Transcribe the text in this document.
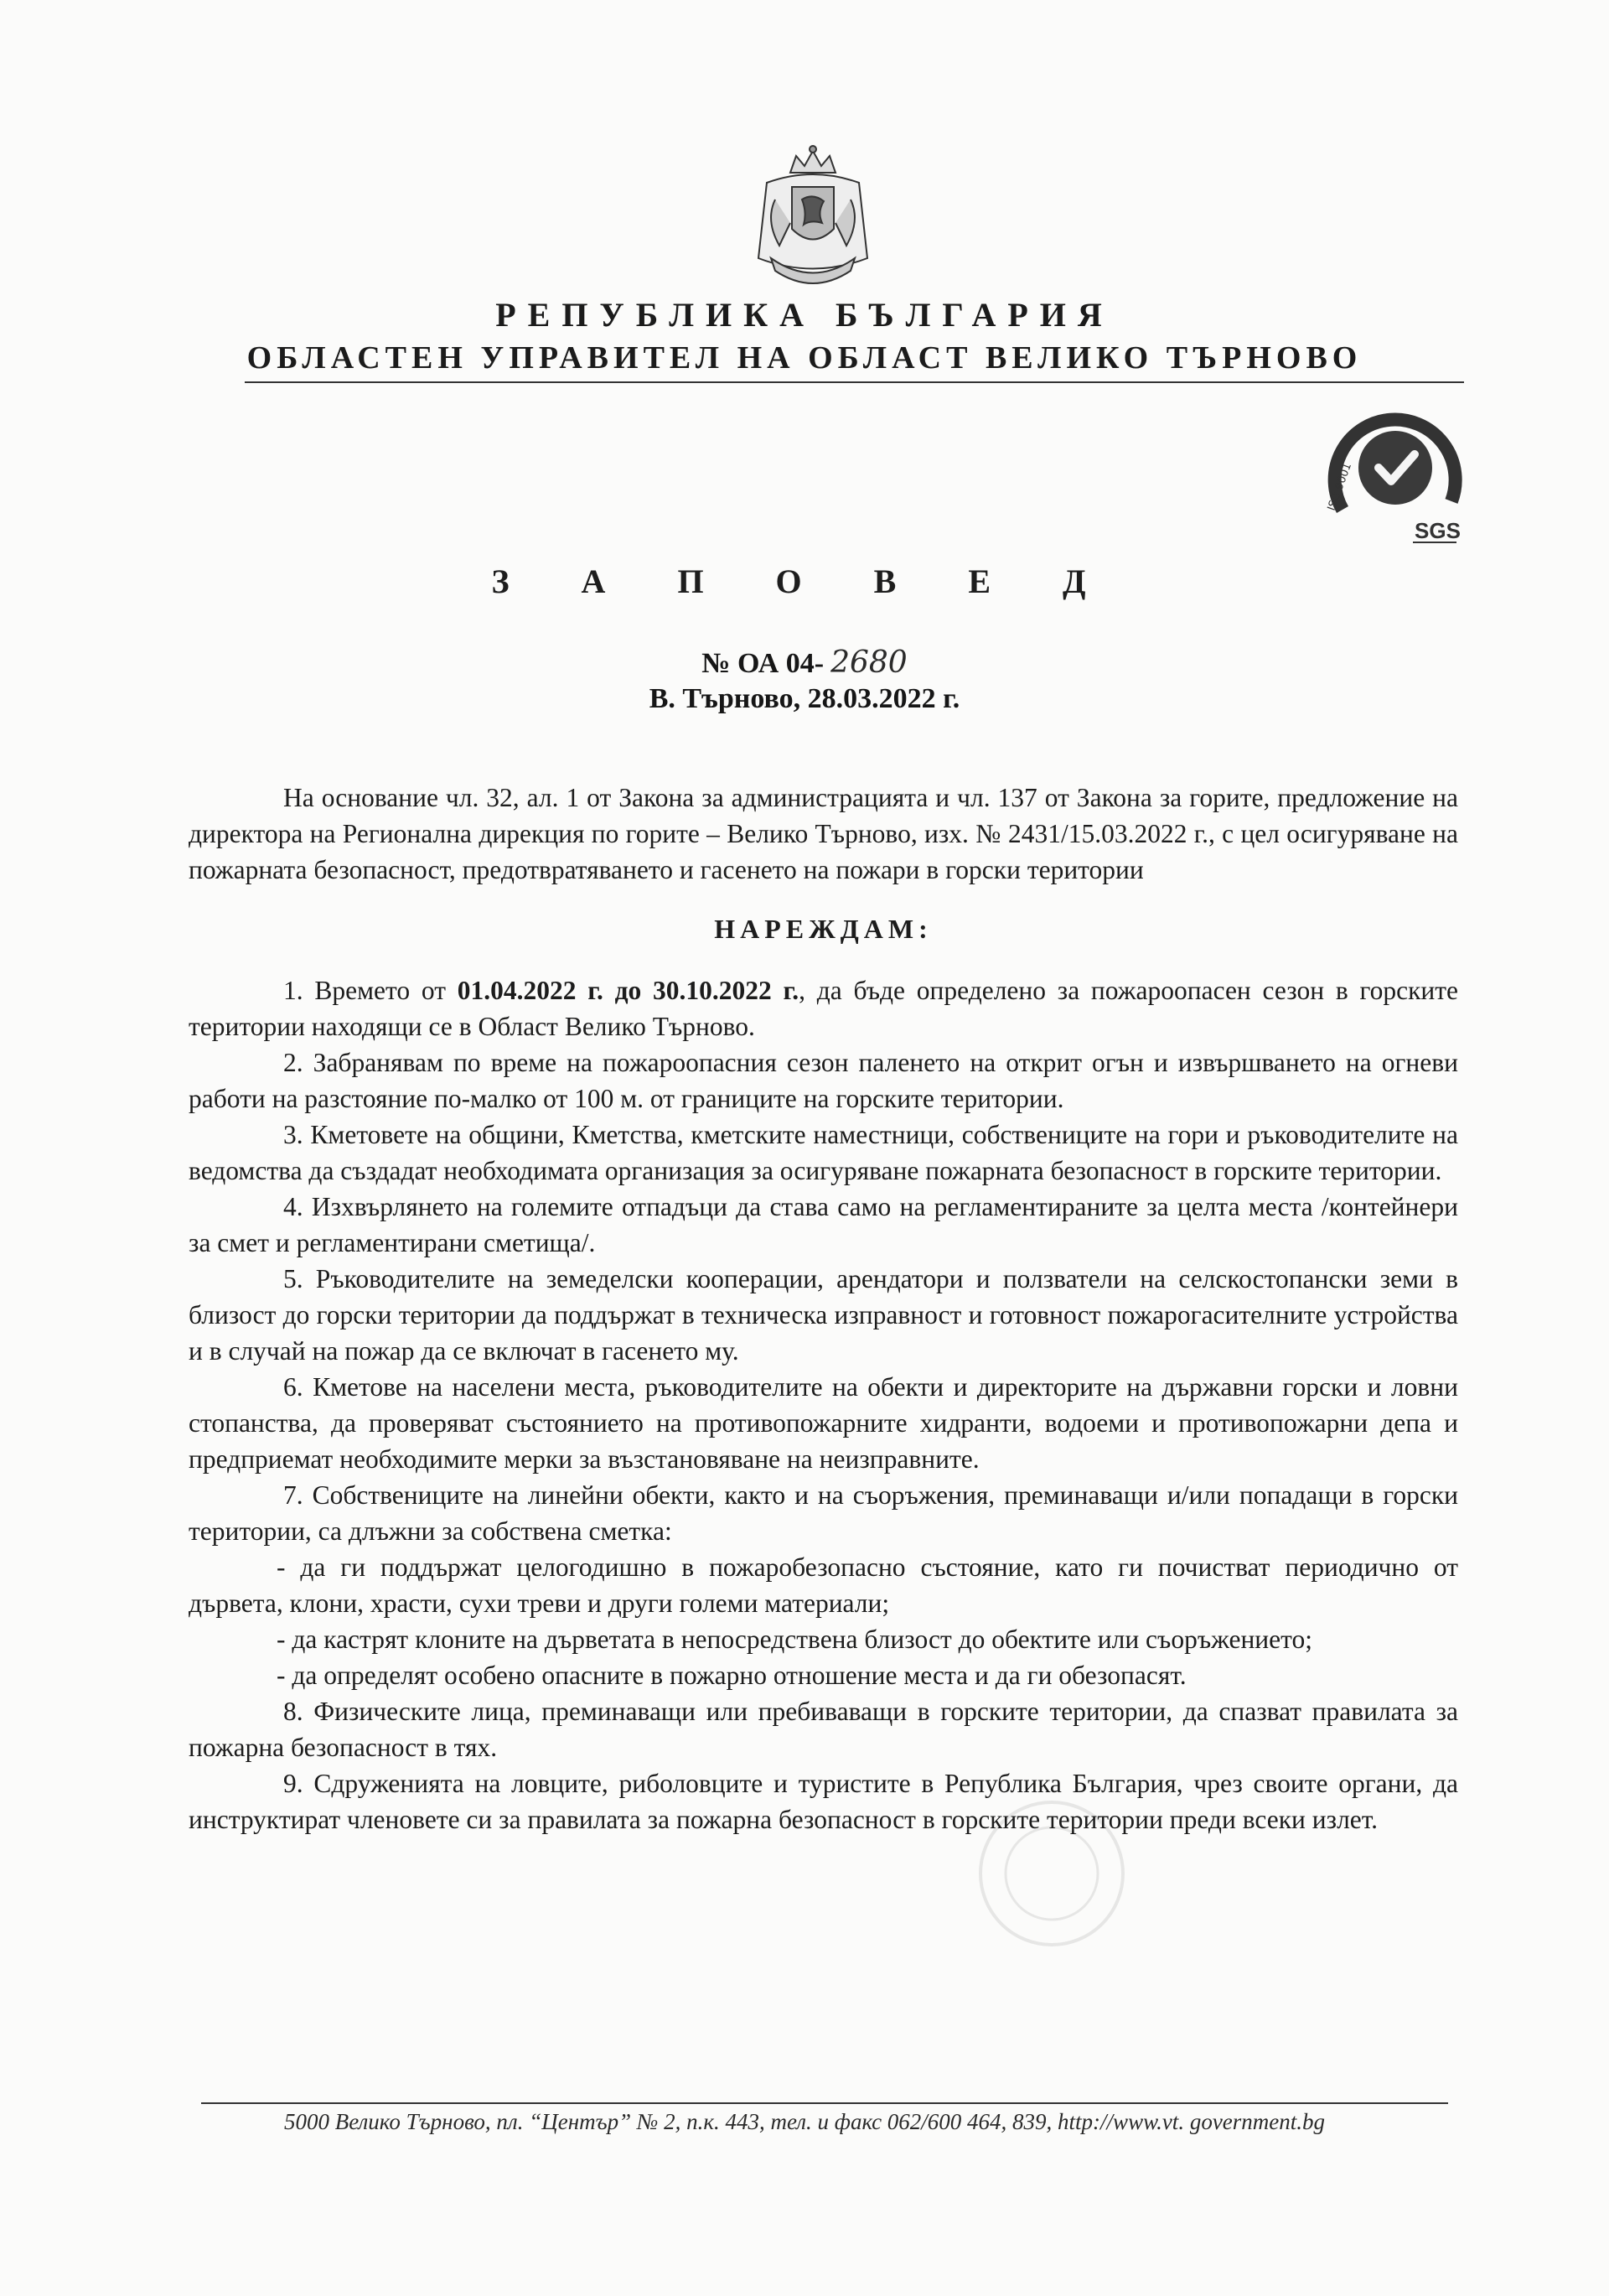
РЕПУБЛИКА БЪЛГАРИЯ
ОБЛАСТЕН УПРАВИТЕЛ НА ОБЛАСТ ВЕЛИКО ТЪРНОВО
ISO 9001
SGS
З А П О В Е Д
№ ОА 04- 2680
В. Търново, 28.03.2022 г.

На основание чл. 32, ал. 1 от Закона за администрацията и чл. 137 от Закона за горите, предложение на директора на Регионална дирекция по горите – Велико Търново, изх. № 2431/15.03.2022 г., с цел осигуряване на пожарната безопасност, предотвратяването и гасенето на пожари в горски територии

НАРЕЖДАМ:

1. Времето от 01.04.2022 г. до 30.10.2022 г., да бъде определено за пожароопасен сезон в горските територии находящи се в Област Велико Търново.

2. Забранявам по време на пожароопасния сезон паленето на открит огън и извършването на огневи работи на разстояние по-малко от 100 м. от границите на горските територии.

3. Кметовете на общини, Кметства, кметските наместници, собствениците на гори и ръководителите на ведомства да създадат необходимата организация за осигуряване пожарната безопасност в горските територии.

4. Изхвърлянето на големите отпадъци да става само на регламентираните за целта места /контейнери за смет и регламентирани сметища/.

5. Ръководителите на земеделски кооперации, арендатори и ползватели на селскостопански земи в близост до горски територии да поддържат в техническа изправност и готовност пожарогасителните устройства и в случай на пожар да се включат в гасенето му.

6. Кметове на населени места, ръководителите на обекти и директорите на държавни горски и ловни стопанства, да проверяват състоянието на противопожарните хидранти, водоеми и противопожарни депа и предприемат необходимите мерки за възстановяване на неизправните.

7. Собствениците на линейни обекти, както и на съоръжения, преминаващи и/или попадащи в горски територии, са длъжни за собствена сметка:

- да ги поддържат целогодишно в пожаробезопасно състояние, като ги почистват периодично от дървета, клони, храсти, сухи треви и други големи материали;

- да кастрят клоните на дърветата в непосредствена близост до обектите или съоръжението;

- да определят особено опасните в пожарно отношение места и да ги обезопасят.

8. Физическите лица, преминаващи или пребиваващи в горските територии, да спазват правилата за пожарна безопасност в тях.

9. Сдруженията на ловците, риболовците и туристите в Република България, чрез своите органи, да инструктират членовете си за правилата за пожарна безопасност в горските територии преди всеки излет.

5000 Велико Търново, пл. “Център” № 2, п.к. 443, тел. и факс 062/600 464, 839, http://www.vt. government.bg
